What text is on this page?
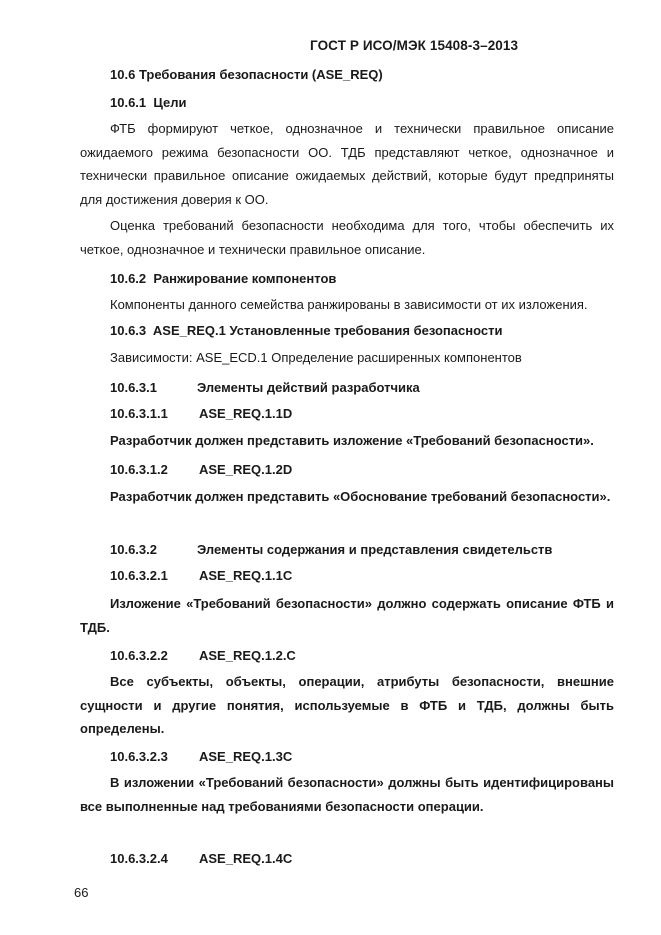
ГОСТ Р ИСО/МЭК 15408-3–2013
10.6 Требования безопасности (ASE_REQ)
10.6.1 Цели

ФТБ формируют четкое, однозначное и технически правильное описание ожидаемого режима безопасности ОО. ТДБ представляют четкое, однозначное и технически правильное описание ожидаемых действий, которые будут предприняты для достижения доверия к ОО.

Оценка требований безопасности необходима для того, чтобы обеспечить их четкое, однозначное и технически правильное описание.

10.6.2 Ранжирование компонентов
Компоненты данного семейства ранжированы в зависимости от их изложения.
10.6.3 ASE_REQ.1 Установленные требования безопасности
Зависимости: ASE_ECD.1 Определение расширенных компонентов
10.6.3.1	Элементы действий разработчика
10.6.3.1.1 ASE_REQ.1.1D
Разработчик должен представить изложение «Требований безопасности».
10.6.3.1.2 ASE_REQ.1.2D

Разработчик должен представить «Обоснование требований безопасности».

10.6.3.2	Элементы содержания и представления свидетельств
10.6.3.2.1 ASE_REQ.1.1C

Изложение «Требований безопасности» должно содержать описание ФТБ и ТДБ.

10.6.3.2.2 ASE_REQ.1.2.C

Все субъекты, объекты, операции, атрибуты безопасности, внешние сущности и другие понятия, используемые в ФТБ и ТДБ, должны быть определены.

10.6.3.2.3 ASE_REQ.1.3C

В изложении «Требований безопасности» должны быть идентифицированы все выполненные над требованиями безопасности операции.

10.6.3.2.4 ASE_REQ.1.4C
66
